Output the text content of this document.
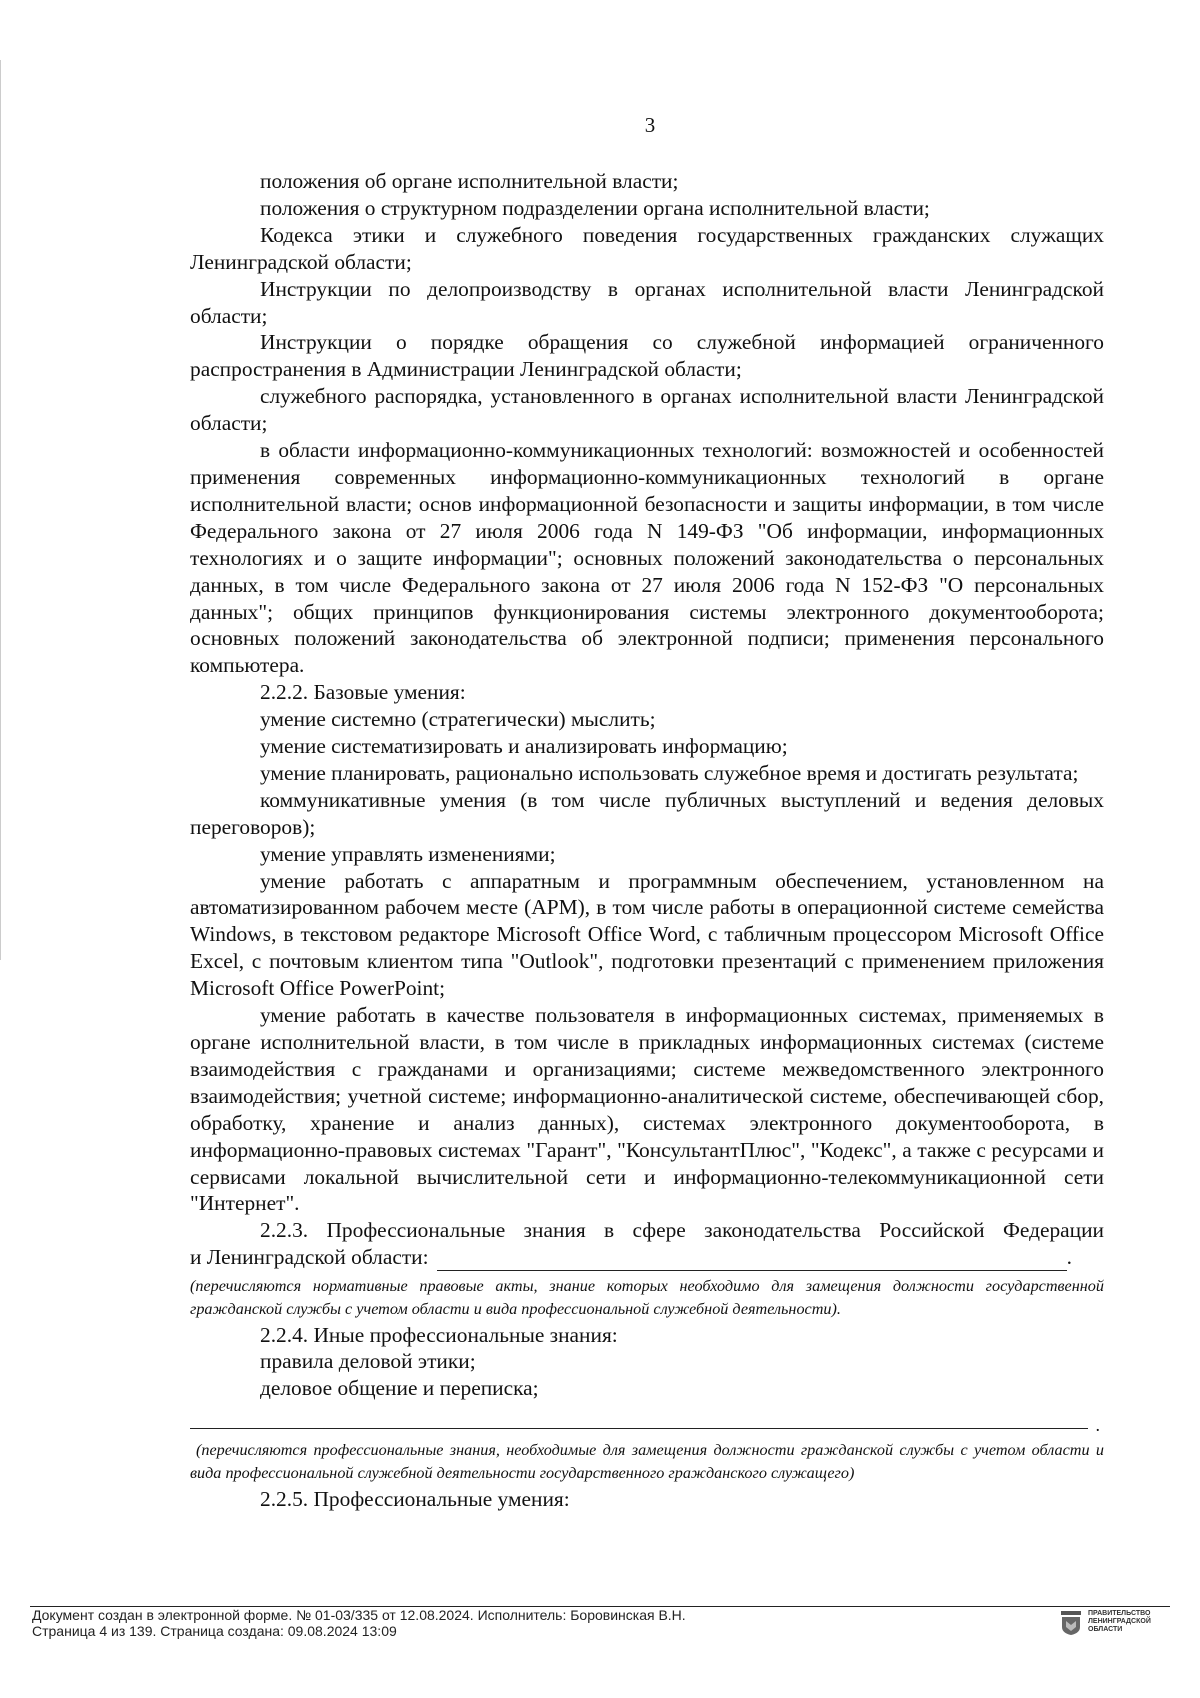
3

положения об органе исполнительной власти;

положения о структурном подразделении органа исполнительной власти;

Кодекса этики и служебного поведения государственных гражданских служащих Ленинградской области;

Инструкции по делопроизводству в органах исполнительной власти Ленинградской области;

Инструкции о порядке обращения со служебной информацией ограниченного распространения в Администрации Ленинградской области;

служебного распорядка, установленного в органах исполнительной власти Ленинградской области;

в области информационно-коммуникационных технологий: возможностей и особенностей применения современных информационно-коммуникационных технологий в органе исполнительной власти; основ информационной безопасности и защиты информации, в том числе Федерального закона от 27 июля 2006 года N 149-ФЗ "Об информации, информационных технологиях и о защите информации"; основных положений законодательства о персональных данных, в том числе Федерального закона от 27 июля 2006 года N 152-ФЗ "О персональных данных"; общих принципов функционирования системы электронного документооборота; основных положений законодательства об электронной подписи; применения персонального компьютера.

2.2.2. Базовые умения:

умение системно (стратегически) мыслить;

умение систематизировать и анализировать информацию;

умение планировать, рационально использовать служебное время и достигать результата;

коммуникативные умения (в том числе публичных выступлений и ведения деловых переговоров);

умение управлять изменениями;

умение работать с аппаратным и программным обеспечением, установленном на автоматизированном рабочем месте (АРМ), в том числе работы в операционной системе семейства Windows, в текстовом редакторе Microsoft Office Word, с табличным процессором Microsoft Office Excel, с почтовым клиентом типа "Outlook", подготовки презентаций с применением приложения Microsoft Office PowerPoint;

умение работать в качестве пользователя в информационных системах, применяемых в органе исполнительной власти, в том числе в прикладных информационных системах (системе взаимодействия с гражданами и организациями; системе межведомственного электронного взаимодействия; учетной системе; информационно-аналитической системе, обеспечивающей сбор, обработку, хранение и анализ данных), системах электронного документооборота, в информационно-правовых системах "Гарант", "КонсультантПлюс", "Кодекс", а также с ресурсами и сервисами локальной вычислительной сети и информационно-телекоммуникационной сети "Интернет".

2.2.3. Профессиональные знания в сфере законодательства Российской Федерации

и Ленинградской области:	.

(перечисляются нормативные правовые акты, знание которых необходимо для замещения должности государственной гражданской службы с учетом области и вида профессиональной служебной деятельности).

2.2.4. Иные профессиональные знания:

правила деловой этики;

деловое общение и переписка;

.

(перечисляются профессиональные знания, необходимые для замещения должности гражданской службы с учетом области и вида профессиональной служебной деятельности государственного гражданского служащего)

2.2.5. Профессиональные умения:

Документ создан в электронной форме. № 01-03/335 от 12.08.2024. Исполнитель: Боровинская В.Н.
Страница 4 из 139. Страница создана: 09.08.2024 13:09
ПРАВИТЕЛЬСТВО ЛЕНИНГРАДСКОЙ ОБЛАСТИ
